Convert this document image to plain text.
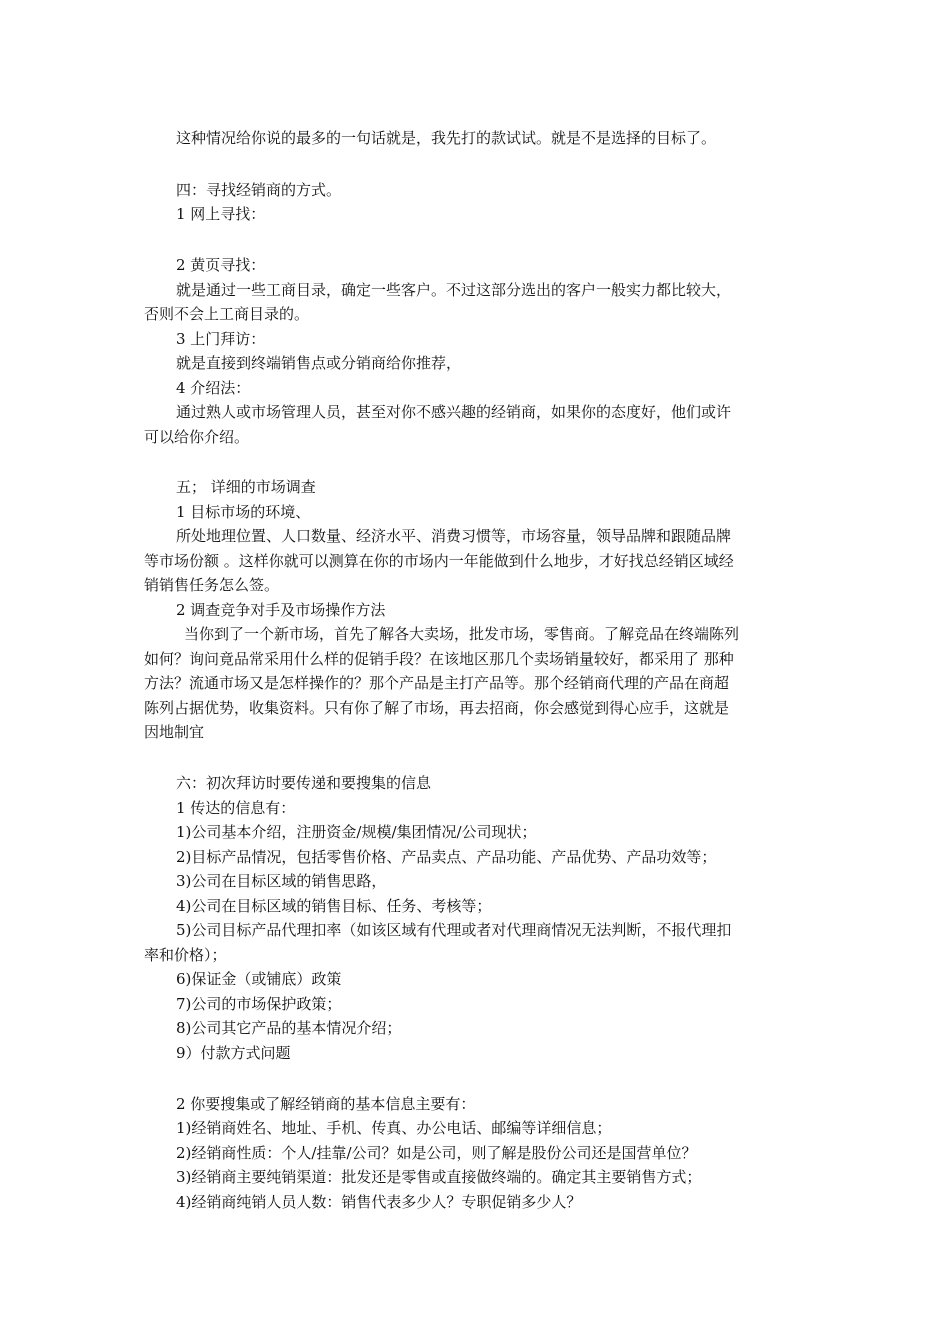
这种情况给你说的最多的一句话就是，我先打的款试试。就是不是选择的目标了。
四：寻找经销商的方式。
1 网上寻找：
2 黄页寻找：
就是通过一些工商目录，确定一些客户。不过这部分选出的客户一般实力都比较大，
否则不会上工商目录的。
3 上门拜访：
就是直接到终端销售点或分销商给你推荐，
4 介绍法：
通过熟人或市场管理人员，甚至对你不感兴趣的经销商，如果你的态度好，他们或许
可以给你介绍。
五； 详细的市场调查
1 目标市场的环境、
所处地理位置、人口数量、经济水平、消费习惯等，市场容量，领导品牌和跟随品牌
等市场份额 。这样你就可以测算在你的市场内一年能做到什么地步，才好找总经销区域经
销销售任务怎么签。
2 调查竞争对手及市场操作方法
当你到了一个新市场，首先了解各大卖场，批发市场，零售商。了解竞品在终端陈列
如何？询问竟品常采用什么样的促销手段？在该地区那几个卖场销量较好，都采用了 那种
方法？流通市场又是怎样操作的？那个产品是主打产品等。那个经销商代理的产品在商超
陈列占据优势，收集资料。只有你了解了市场，再去招商，你会感觉到得心应手，这就是
因地制宜
六：初次拜访时要传递和要搜集的信息
1 传达的信息有：
1)公司基本介绍，注册资金/规模/集团情况/公司现状；
2)目标产品情况，包括零售价格、产品卖点、产品功能、产品优势、产品功效等；
3)公司在目标区域的销售思路，
4)公司在目标区域的销售目标、任务、考核等；
5)公司目标产品代理扣率（如该区域有代理或者对代理商情况无法判断，不报代理扣
率和价格）；
6)保证金（或铺底）政策
7)公司的市场保护政策；
8)公司其它产品的基本情况介绍；
9）付款方式问题
2 你要搜集或了解经销商的基本信息主要有：
1)经销商姓名、地址、手机、传真、办公电话、邮编等详细信息；
2)经销商性质：个人/挂靠/公司？如是公司，则了解是股份公司还是国营单位？
3)经销商主要纯销渠道：批发还是零售或直接做终端的。确定其主要销售方式；
4)经销商纯销人员人数：销售代表多少人？专职促销多少人？
